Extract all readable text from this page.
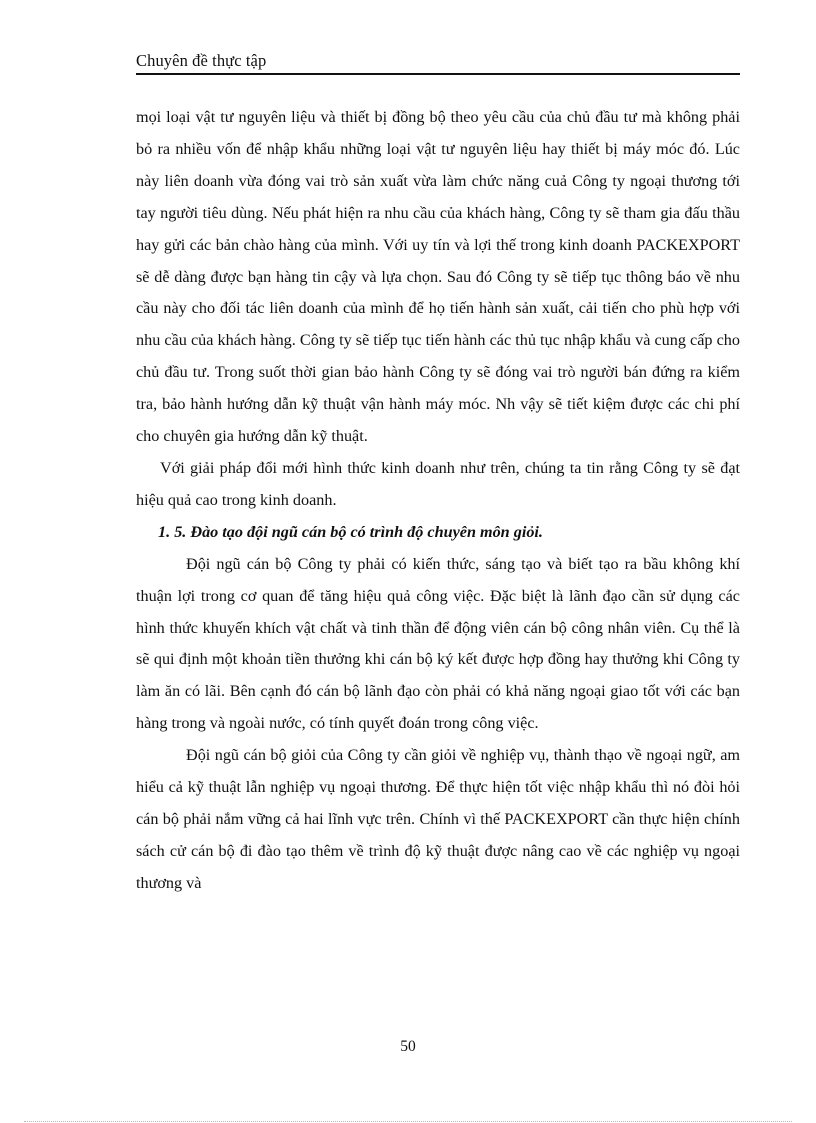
Chuyên đề thực tập

mọi loại vật tư nguyên liệu và thiết bị đồng bộ theo yêu cầu của chủ đầu tư mà không phải bỏ ra nhiều vốn để nhập khẩu những loại vật tư nguyên liệu hay thiết bị máy móc đó. Lúc này liên doanh vừa đóng vai trò sản xuất vừa làm chức năng cuả Công ty ngoại thương tới tay người tiêu dùng. Nếu phát hiện ra nhu cầu của khách hàng, Công ty sẽ tham gia đấu thầu hay gửi các bản chào hàng của mình. Với uy tín và lợi thế trong kinh doanh PACKEXPORT sẽ dễ dàng được bạn hàng tin cậy và lựa chọn. Sau đó Công ty sẽ tiếp tục thông báo về nhu cầu này cho đối tác liên doanh của mình để họ tiến hành sản xuất, cải tiến cho phù hợp với nhu cầu của khách hàng. Công ty sẽ tiếp tục tiến hành các thủ tục nhập khẩu và cung cấp cho chủ đầu tư. Trong suốt thời gian bảo hành Công ty sẽ đóng vai trò người bán đứng ra kiểm tra, bảo hành hướng dẫn kỹ thuật vận hành máy móc. Nh vậy sẽ tiết kiệm được các chi phí cho chuyên gia hướng dẫn kỹ thuật.

Với giải pháp đổi mới hình thức kinh doanh như trên, chúng ta tin rằng Công ty sẽ đạt hiệu quả cao trong kinh doanh.

1. 5. Đào tạo đội ngũ cán bộ có trình độ chuyên môn giỏi.

Đội ngũ cán bộ Công ty phải có kiến thức, sáng tạo và biết tạo ra bầu không khí thuận lợi trong cơ quan để tăng hiệu quả công việc. Đặc biệt là lãnh đạo cần sử dụng các hình thức khuyến khích vật chất và tinh thần để động viên cán bộ công nhân viên. Cụ thể là sẽ qui định một khoản tiền thưởng khi cán bộ ký kết được hợp đồng hay thưởng khi Công ty làm ăn có lãi. Bên cạnh đó cán bộ lãnh đạo còn phải có khả năng ngoại giao tốt với các bạn hàng trong và ngoài nước, có tính quyết đoán trong công việc.

Đội ngũ cán bộ giỏi của Công ty cần giỏi về nghiệp vụ, thành thạo về ngoại ngữ, am hiểu cả kỹ thuật lẫn nghiệp vụ ngoại thương. Để thực hiện tốt việc nhập khẩu thì nó đòi hỏi cán bộ phải nắm vững cả hai lĩnh vực trên. Chính vì thế PACKEXPORT cần thực hiện chính sách cử cán bộ đi đào tạo thêm về trình độ kỹ thuật được nâng cao về các nghiệp vụ ngoại thương và

50
